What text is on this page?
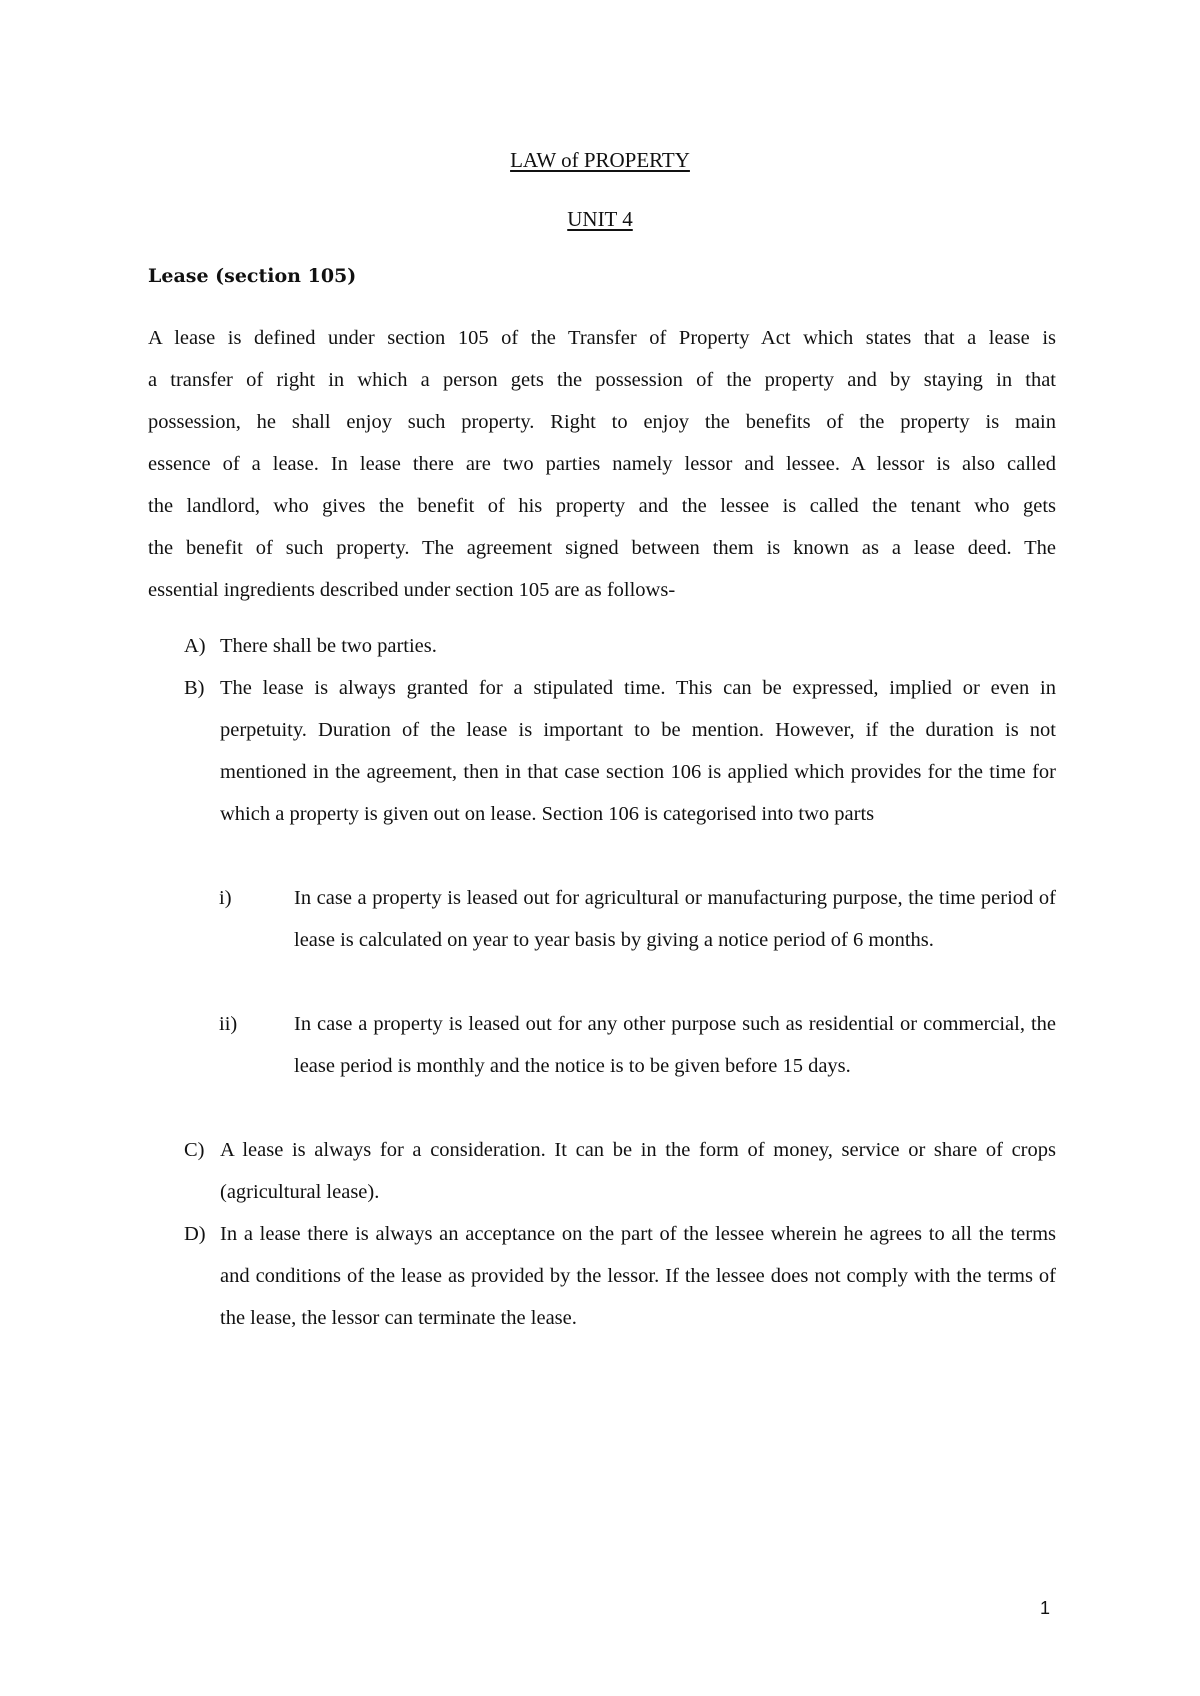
LAW of PROPERTY
UNIT 4
Lease (section 105)
A lease is defined under section 105 of the Transfer of Property Act which states that a lease is
a transfer of right in which a person gets the possession of the property and by staying in that
possession, he shall enjoy such property. Right to enjoy the benefits of the property is main
essence of a lease. In lease there are two parties namely lessor and lessee. A lessor is also called
the landlord, who gives the benefit of his property and the lessee is called the tenant who gets
the benefit of such property. The agreement signed between them is known as a lease deed. The
essential ingredients described under section 105 are as follows-
A) There shall be two parties.
B) The lease is always granted for a stipulated time. This can be expressed, implied or even in perpetuity. Duration of the lease is important to be mention. However, if the duration is not mentioned in the agreement, then in that case section 106 is applied which provides for the time for which a property is given out on lease. Section 106 is categorised into two parts
i)	In case a property is leased out for agricultural or manufacturing purpose, the time period of lease is calculated on year to year basis by giving a notice period of 6 months.
ii)	In case a property is leased out for any other purpose such as residential or commercial, the lease period is monthly and the notice is to be given before 15 days.
C) A lease is always for a consideration. It can be in the form of money, service or share of crops (agricultural lease).
D) In a lease there is always an acceptance on the part of the lessee wherein he agrees to all the terms and conditions of the lease as provided by the lessor. If the lessee does not comply with the terms of the lease, the lessor can terminate the lease.
1
